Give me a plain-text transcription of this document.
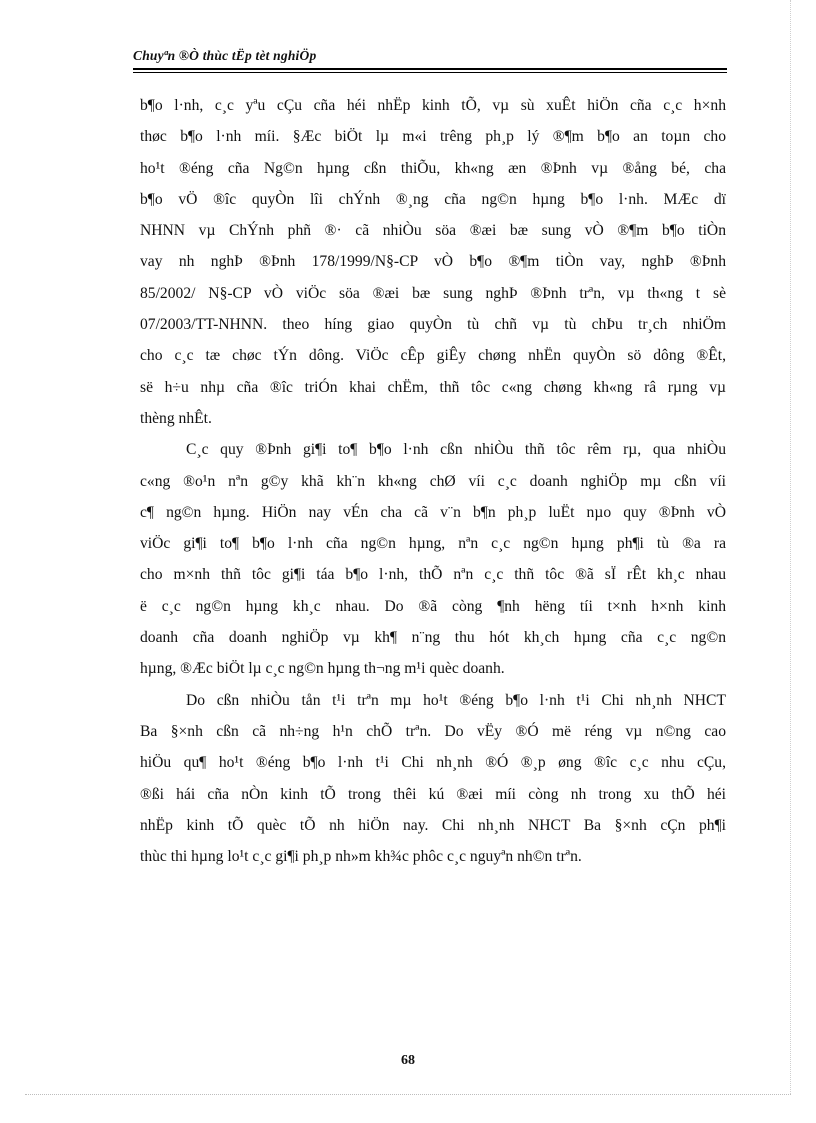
Chuyªn ®Ò thùc tËp tèt nghiÖp
b¶o l·nh, c¸c yªu cÇu cña héi nhËp kinh tÕ, vµ sù xuÊt hiÖn cña c¸c h×nh
thøc b¶o l·nh míi. §Æc biÖt lµ m«i trêng ph¸p lý ®¶m b¶o an toµn cho
ho¹t ®éng cña Ng©n hµng cßn thiÕu, kh«ng æn ®Þnh vµ ®ång bé, cha
b¶o vÖ ®îc quyÒn lîi chÝnh ®¸ng cña ng©n hµng b¶o l·nh. MÆc dï
NHNN vµ ChÝnh phñ ®· cã nhiÒu söa ®æi bæ sung vÒ ®¶m b¶o tiÒn
vay nh nghÞ ®Þnh 178/1999/N§-CP vÒ b¶o ®¶m tiÒn vay, nghÞ ®Þnh
85/2002/ N§-CP vÒ viÖc söa ®æi bæ sung nghÞ ®Þnh trªn, vµ th«ng t sè
07/2003/TT-NHNN. theo híng giao quyÒn tù chñ vµ tù chÞu tr¸ch nhiÖm
cho c¸c tæ chøc tÝn dông. ViÖc cÊp giÊy chøng nhËn quyÒn sö dông ®Êt,
së h÷u nhµ cña ®îc triÓn khai chËm, thñ tôc c«ng chøng kh«ng râ rµng vµ
thèng nhÊt.
C¸c quy ®Þnh gi¶i to¶ b¶o l·nh cßn nhiÒu thñ tôc rêm rµ, qua nhiÒu
c«ng ®o¹n nªn g©y khã kh¨n kh«ng chØ víi c¸c doanh nghiÖp mµ cßn víi
c¶ ng©n hµng. HiÖn nay vÉn cha cã v¨n b¶n ph¸p luËt nµo quy ®Þnh vÒ
viÖc gi¶i to¶ b¶o l·nh cña ng©n hµng, nªn c¸c ng©n hµng ph¶i tù ®a ra
cho m×nh thñ tôc gi¶i táa b¶o l·nh, thÕ nªn c¸c thñ tôc ®ã sÏ rÊt kh¸c nhau
ë c¸c ng©n hµng kh¸c nhau. Do ®ã còng ¶nh hëng tíi t×nh h×nh kinh
doanh cña doanh nghiÖp vµ kh¶ n¨ng thu hót kh¸ch hµng cña c¸c ng©n
hµng, ®Æc biÖt lµ c¸c ng©n hµng th¬ng m¹i quèc doanh.
Do cßn nhiÒu tån t¹i trªn mµ ho¹t ®éng b¶o l·nh t¹i Chi nh¸nh NHCT
Ba §×nh cßn cã nh÷ng h¹n chÕ trªn. Do vËy ®Ó më réng vµ n©ng cao
hiÖu qu¶ ho¹t ®éng b¶o l·nh t¹i Chi nh¸nh ®Ó ®¸p øng ®îc c¸c nhu cÇu,
®ßi hái cña nÒn kinh tÕ trong thêi kú ®æi míi còng nh trong xu thÕ héi
nhËp kinh tÕ quèc tÕ nh hiÖn nay. Chi nh¸nh NHCT Ba §×nh cÇn ph¶i
thùc thi hµng lo¹t c¸c gi¶i ph¸p nh»m kh¾c phôc c¸c nguyªn nh©n trªn.
68
